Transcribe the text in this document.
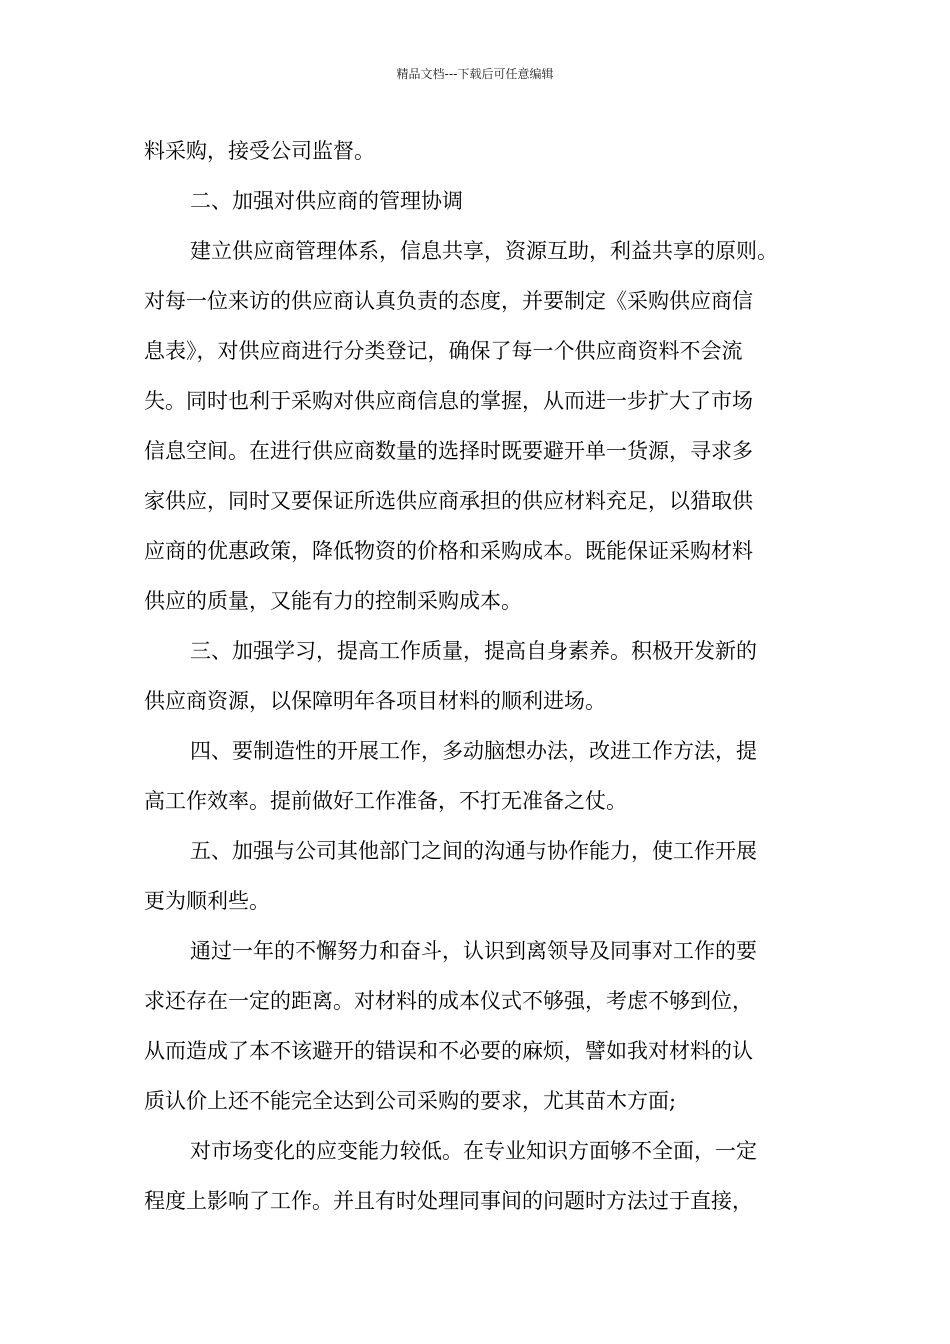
精品文档---下载后可任意编辑
料采购，接受公司监督。
二、加强对供应商的管理协调
建立供应商管理体系，信息共享，资源互助，利益共享的原则。
对每一位来访的供应商认真负责的态度，并要制定《采购供应商信
息表》，对供应商进行分类登记，确保了每一个供应商资料不会流
失。同时也利于采购对供应商信息的掌握，从而进一步扩大了市场
信息空间。在进行供应商数量的选择时既要避开单一货源，寻求多
家供应，同时又要保证所选供应商承担的供应材料充足，以猎取供
应商的优惠政策，降低物资的价格和采购成本。既能保证采购材料
供应的质量，又能有力的控制采购成本。
三、加强学习，提高工作质量，提高自身素养。积极开发新的
供应商资源，以保障明年各项目材料的顺利进场。
四、要制造性的开展工作，多动脑想办法，改进工作方法，提
高工作效率。提前做好工作准备，不打无准备之仗。
五、加强与公司其他部门之间的沟通与协作能力，使工作开展
更为顺利些。
通过一年的不懈努力和奋斗，认识到离领导及同事对工作的要
求还存在一定的距离。对材料的成本仪式不够强，考虑不够到位，
从而造成了本不该避开的错误和不必要的麻烦，譬如我对材料的认
质认价上还不能完全达到公司采购的要求，尤其苗木方面;
对市场变化的应变能力较低。在专业知识方面够不全面，一定
程度上影响了工作。并且有时处理同事间的问题时方法过于直接，
